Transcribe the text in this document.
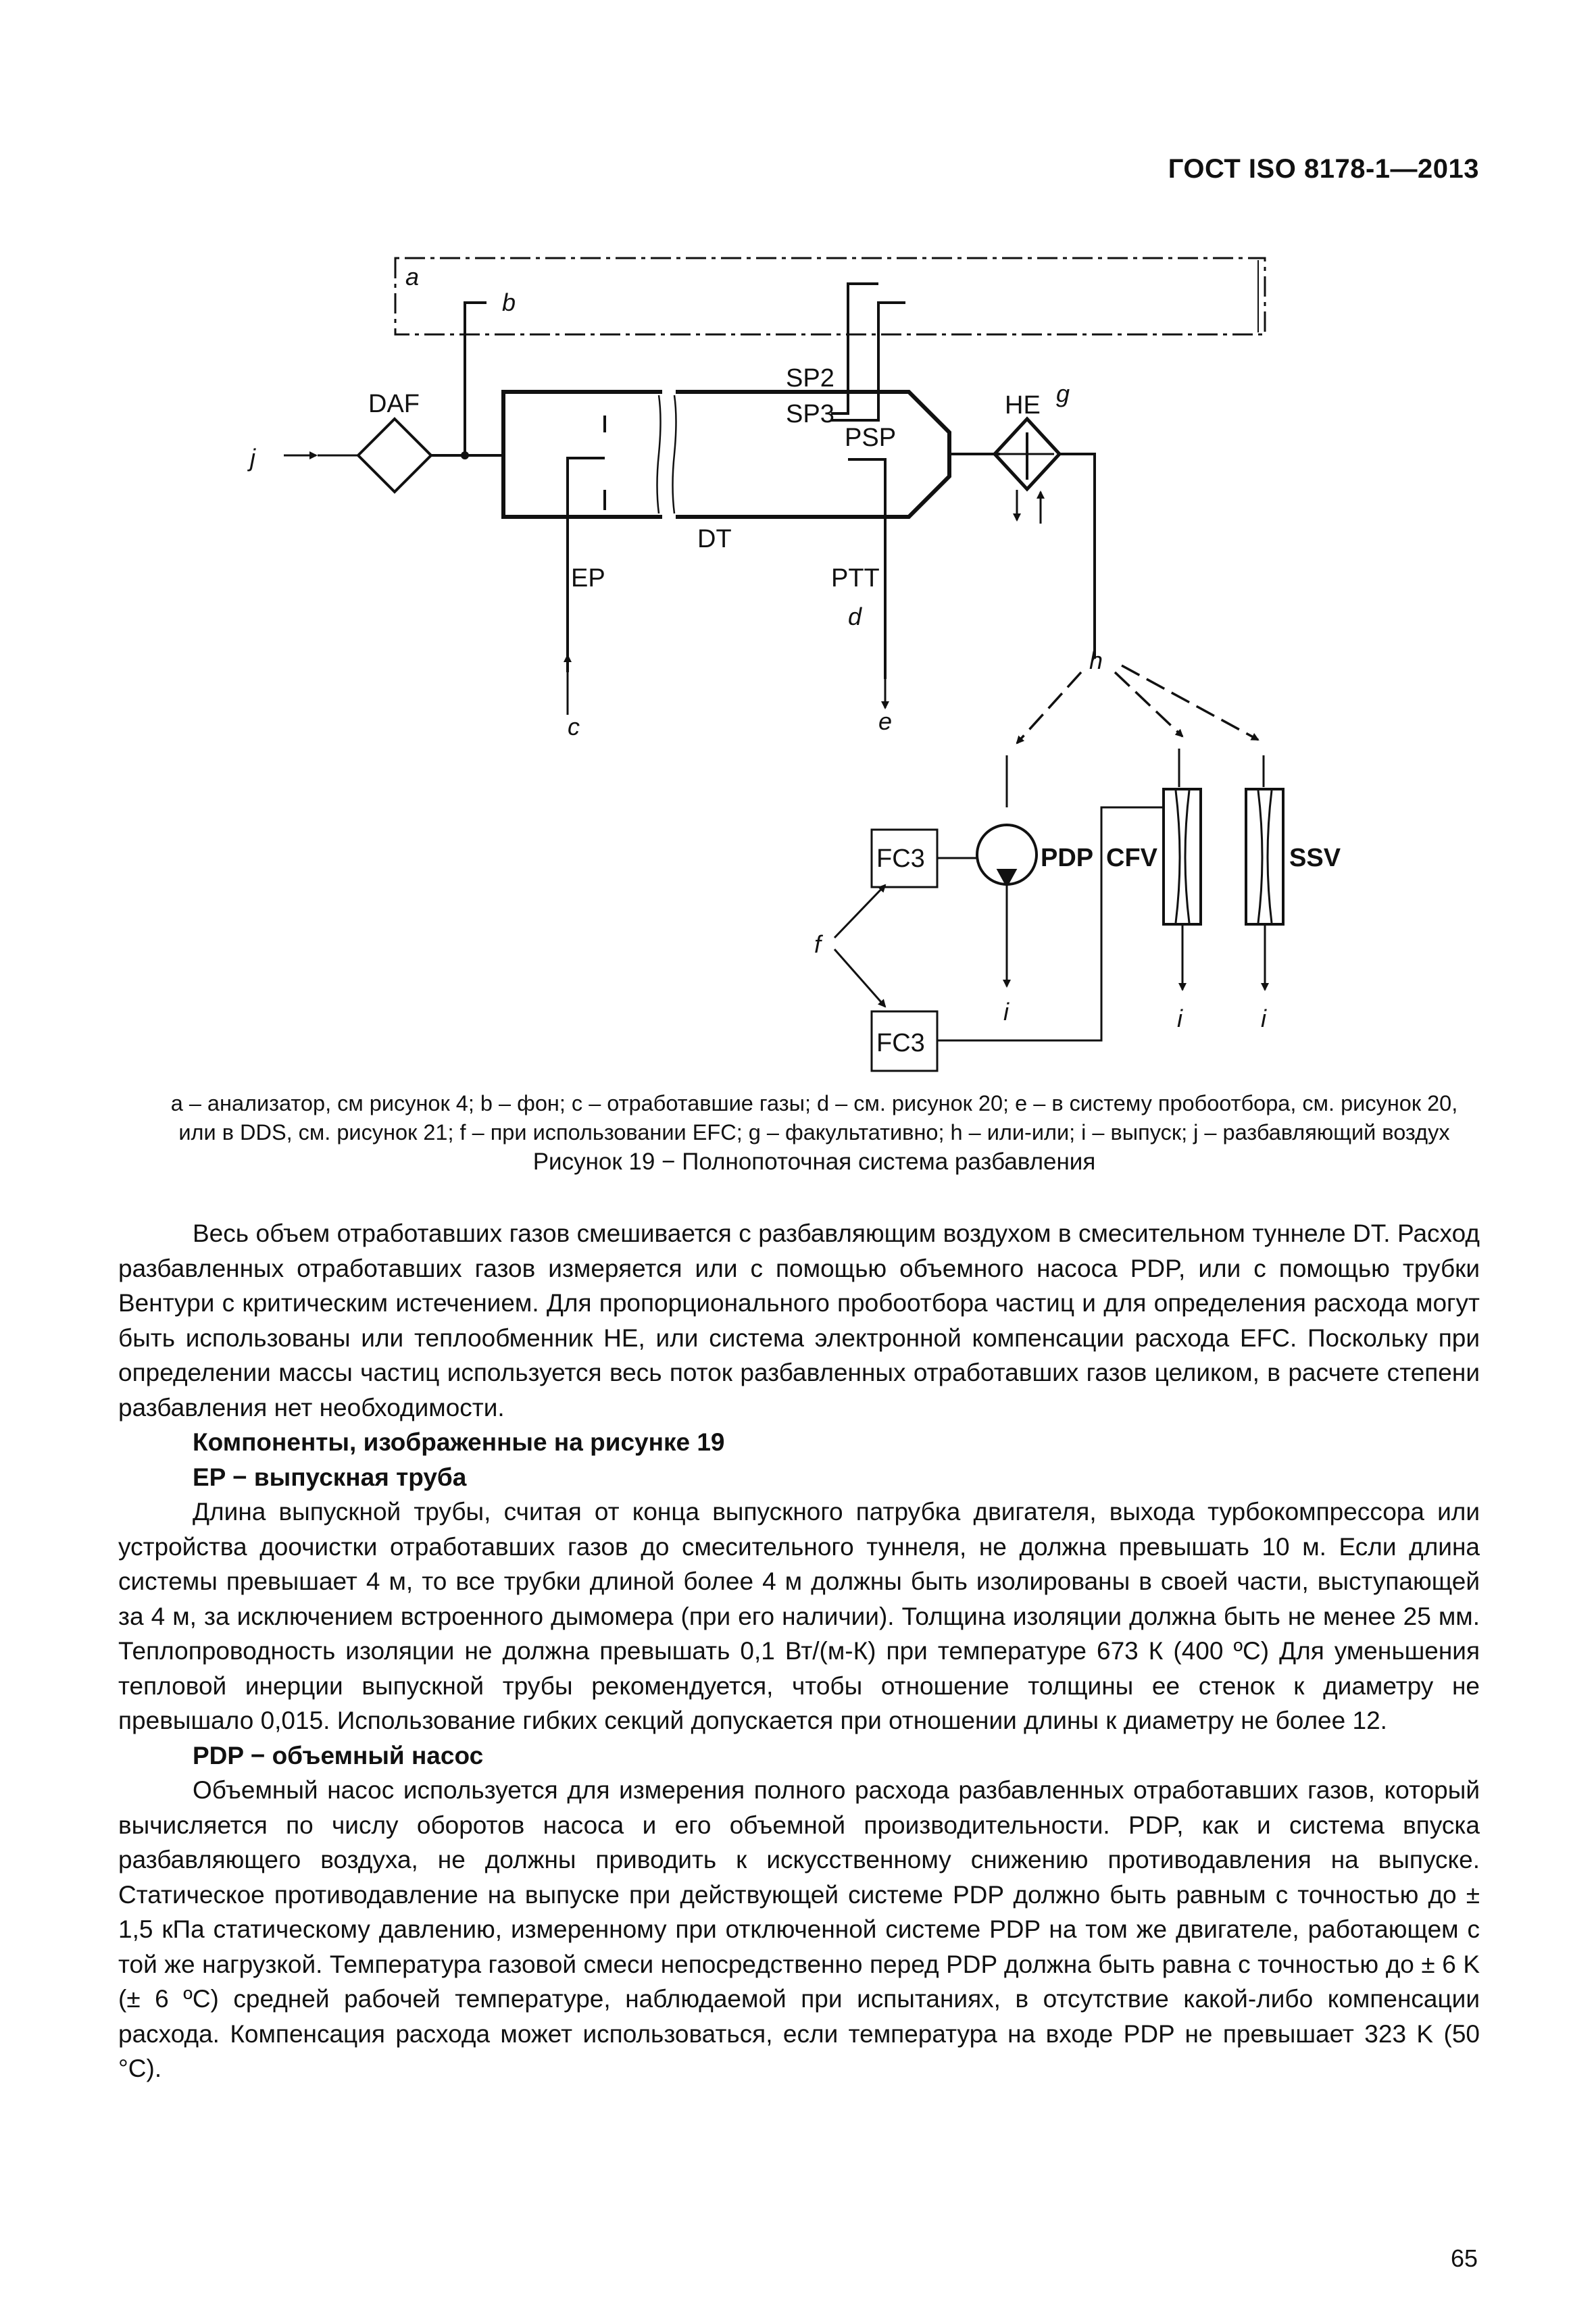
ГОСТ ISO 8178-1—2013
a
b
DAF
j
SP2
SP3
PSP
DT
EP	PTT
d
c	e
HE g
h
FC3
FC3
PDP CFV	SSV
f
i	i	i

a – анализатор, см рисунок 4; b – фон; c – отработавшие газы; d – см. рисунок 20; e – в систему пробоотбора, см. рисунок 20,

или в DDS, см. рисунок 21; f – при использовании EFC; g – факультативно; h – или-или; i – выпуск; j – разбавляющий воздух

Рисунок 19 − Полнопоточная система разбавления

Весь объем отработавших газов смешивается с разбавляющим воздухом в смесительном туннеле DT. Расход разбавленных отработавших газов измеряется или с помощью объемного насоса PDP, или с помощью трубки Вентури с критическим истечением. Для пропорционального пробоотбора частиц и для определения расхода могут быть использованы или теплообменник HE, или система электронной компенсации расхода EFC. Поскольку при определении массы частиц используется весь поток разбавленных отработавших газов целиком, в расчете степени разбавления нет необходимости.

Компоненты, изображенные на рисунке 19

EP − выпускная труба

Длина выпускной трубы, считая от конца выпускного патрубка двигателя, выхода турбокомпрессора или устройства доочистки отработавших газов до смесительного туннеля, не должна превышать 10 м. Если длина системы превышает 4 м, то все трубки длиной более 4 м должны быть изолированы в своей части, выступающей за 4 м, за исключением встроенного дымомера (при его наличии). Толщина изоляции должна быть не менее 25 мм. Теплопроводность изоляции не должна превышать 0,1 Вт/(м-К) при температуре 673 К (400 ºС) Для уменьшения тепловой инерции выпускной трубы рекомендуется, чтобы отношение толщины ее стенок к диаметру не превышало 0,015. Использование гибких секций допускается при отношении длины к диаметру не более 12.

PDP − объемный насос

Объемный насос используется для измерения полного расхода разбавленных отработавших газов, который вычисляется по числу оборотов насоса и его объемной производительности. PDP, как и система впуска разбавляющего воздуха, не должны приводить к искусственному снижению противодавления на выпуске. Статическое противодавление на выпуске при действующей системе PDP должно быть равным с точностью до ± 1,5 кПа статическому давлению, измеренному при отключенной системе PDP на том же двигателе, работающем с той же нагрузкой. Температура газовой смеси непосредственно перед PDP должна быть равна с точностью до ± 6 K (± 6 ºС) средней рабочей температуре, наблюдаемой при испытаниях, в отсутствие какой-либо компенсации расхода. Компенсация расхода может использоваться, если температура на входе PDP не превышает 323 K (50 °С).

65
